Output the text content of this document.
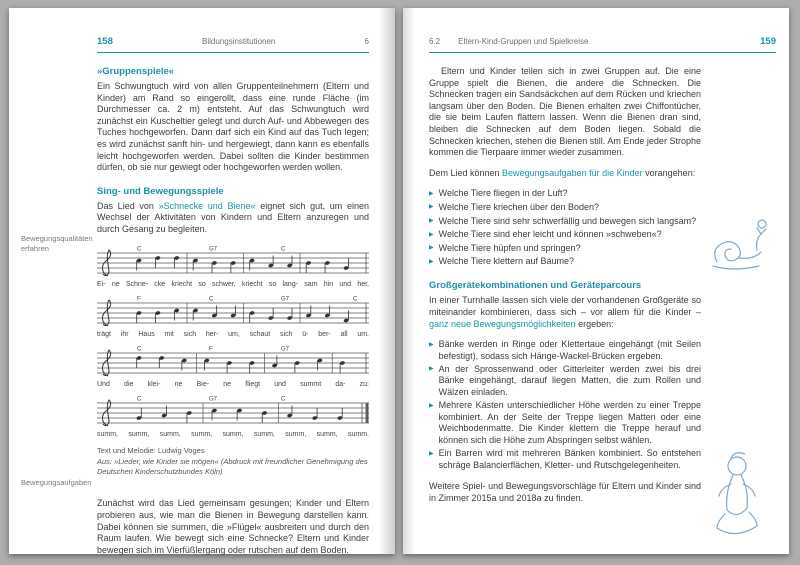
158	Bildungsinstitutionen	6
Bewegungsqualitäten erfahren
Bewegungsaufgaben
»Gruppenspiele«

Ein Schwungtuch wird von allen Gruppenteilnehmern (Eltern und Kinder) am Rand so eingerollt, dass eine runde Fläche (im Durchmesser ca. 2 m) entsteht. Auf das Schwungtuch wird zunächst ein Kuscheltier gelegt und durch Auf- und Abbewegen des Tuches hochgeworfen. Dann darf sich ein Kind auf das Tuch legen; es wird zunächst sanft hin- und hergewiegt, dann kann es ebenfalls leicht hochgeworfen werden. Dabei sollten die Kinder bestimmen dürfen, ob sie nur gewiegt oder hochgeworfen werden wollen.

Sing- und Bewegungsspiele

Das Lied von »Schnecke und Biene« eignet sich gut, um einen Wechsel der Aktivitäten von Kindern und Eltern anzuregen und durch Gesang zu begleiten.

C	G7	C
Ei- ne Schne- cke kriecht so schwer, kriecht so lang- sam hin und her,
F	C	G7	C
trägt ihr Haus mit sich her- um, schaut sich ü- ber- all um.
C	F	G7
Und die klei- ne Bie- ne fliegt und summt da- zu:
C	G7	C
summ, summ, summ, summ, summ, summ, summ, summ, summ.

Text und Melodie: Ludwig Voges

Aus: »Lieder, wie Kinder sie mögen« (Abdruck mit freundlicher Genehmigung des Deutschen Kinderschutzbundes Köln)

Zunächst wird das Lied gemeinsam gesungen; Kinder und Eltern probieren aus, wie man die Bienen in Bewegung darstellen kann. Dabei können sie summen, die »Flügel« ausbreiten und durch den Raum laufen. Wie bewegt sich eine Schnecke? Eltern und Kinder bewegen sich im Vierfüßlergang oder rutschen auf dem Boden.

6.2 Eltern-Kind-Gruppen und Spielkreise	159

Eltern und Kinder teilen sich in zwei Gruppen auf. Die eine Gruppe spielt die Bienen, die andere die Schnecken. Die Schnecken tragen ein Sandsäckchen auf dem Rücken und kriechen langsam über den Boden. Die Bienen erhalten zwei Chiffontücher, die sie beim Laufen flattern lassen. Wenn die Bienen dran sind, bleiben die Schnecken auf dem Boden liegen. Sobald die Schnecken kriechen, stehen die Bienen still. Am Ende jeder Strophe kommen die Tierpaare immer wieder zusammen.

Dem Lied können Bewegungsaufgaben für die Kinder vorangehen:

▶ Welche Tiere fliegen in der Luft?
▶ Welche Tiere kriechen über den Boden?
▶ Welche Tiere sind sehr schwerfällig und bewegen sich langsam?
▶ Welche Tiere sind eher leicht und können »schweben«?
▶ Welche Tiere hüpfen und springen?
▶ Welche Tiere klettern auf Bäume?
Großgerätekombinationen und Geräteparcours

In einer Turnhalle lassen sich viele der vorhandenen Großgeräte so miteinander kombinieren, dass sich – vor allem für die Kinder – ganz neue Bewegungsmöglichkeiten ergeben:

▶ Bänke werden in Ringe oder Klettertaue eingehängt (mit Seilen befestigt), sodass sich Hänge-Wackel-Brücken ergeben.
▶ An der Sprossenwand oder Gitterleiter werden zwei bis drei Bänke eingehängt, darauf liegen Matten, die zum Rollen und Wälzen einladen.
▶ Mehrere Kästen unterschiedlicher Höhe werden zu einer Treppe kombiniert. An der Seite der Treppe liegen Matten oder eine Weichbodenmatte. Die Kinder klettern die Treppe herauf und können sich die Höhe zum Abspringen selbst wählen.
▶ Ein Barren wird mit mehreren Bänken kombiniert. So entstehen schräge Balancierflächen, Kletter- und Rutschgelegenheiten.

Weitere Spiel- und Bewegungsvorschläge für Eltern und Kinder sind in Zimmer 2015a und 2018a zu finden.
